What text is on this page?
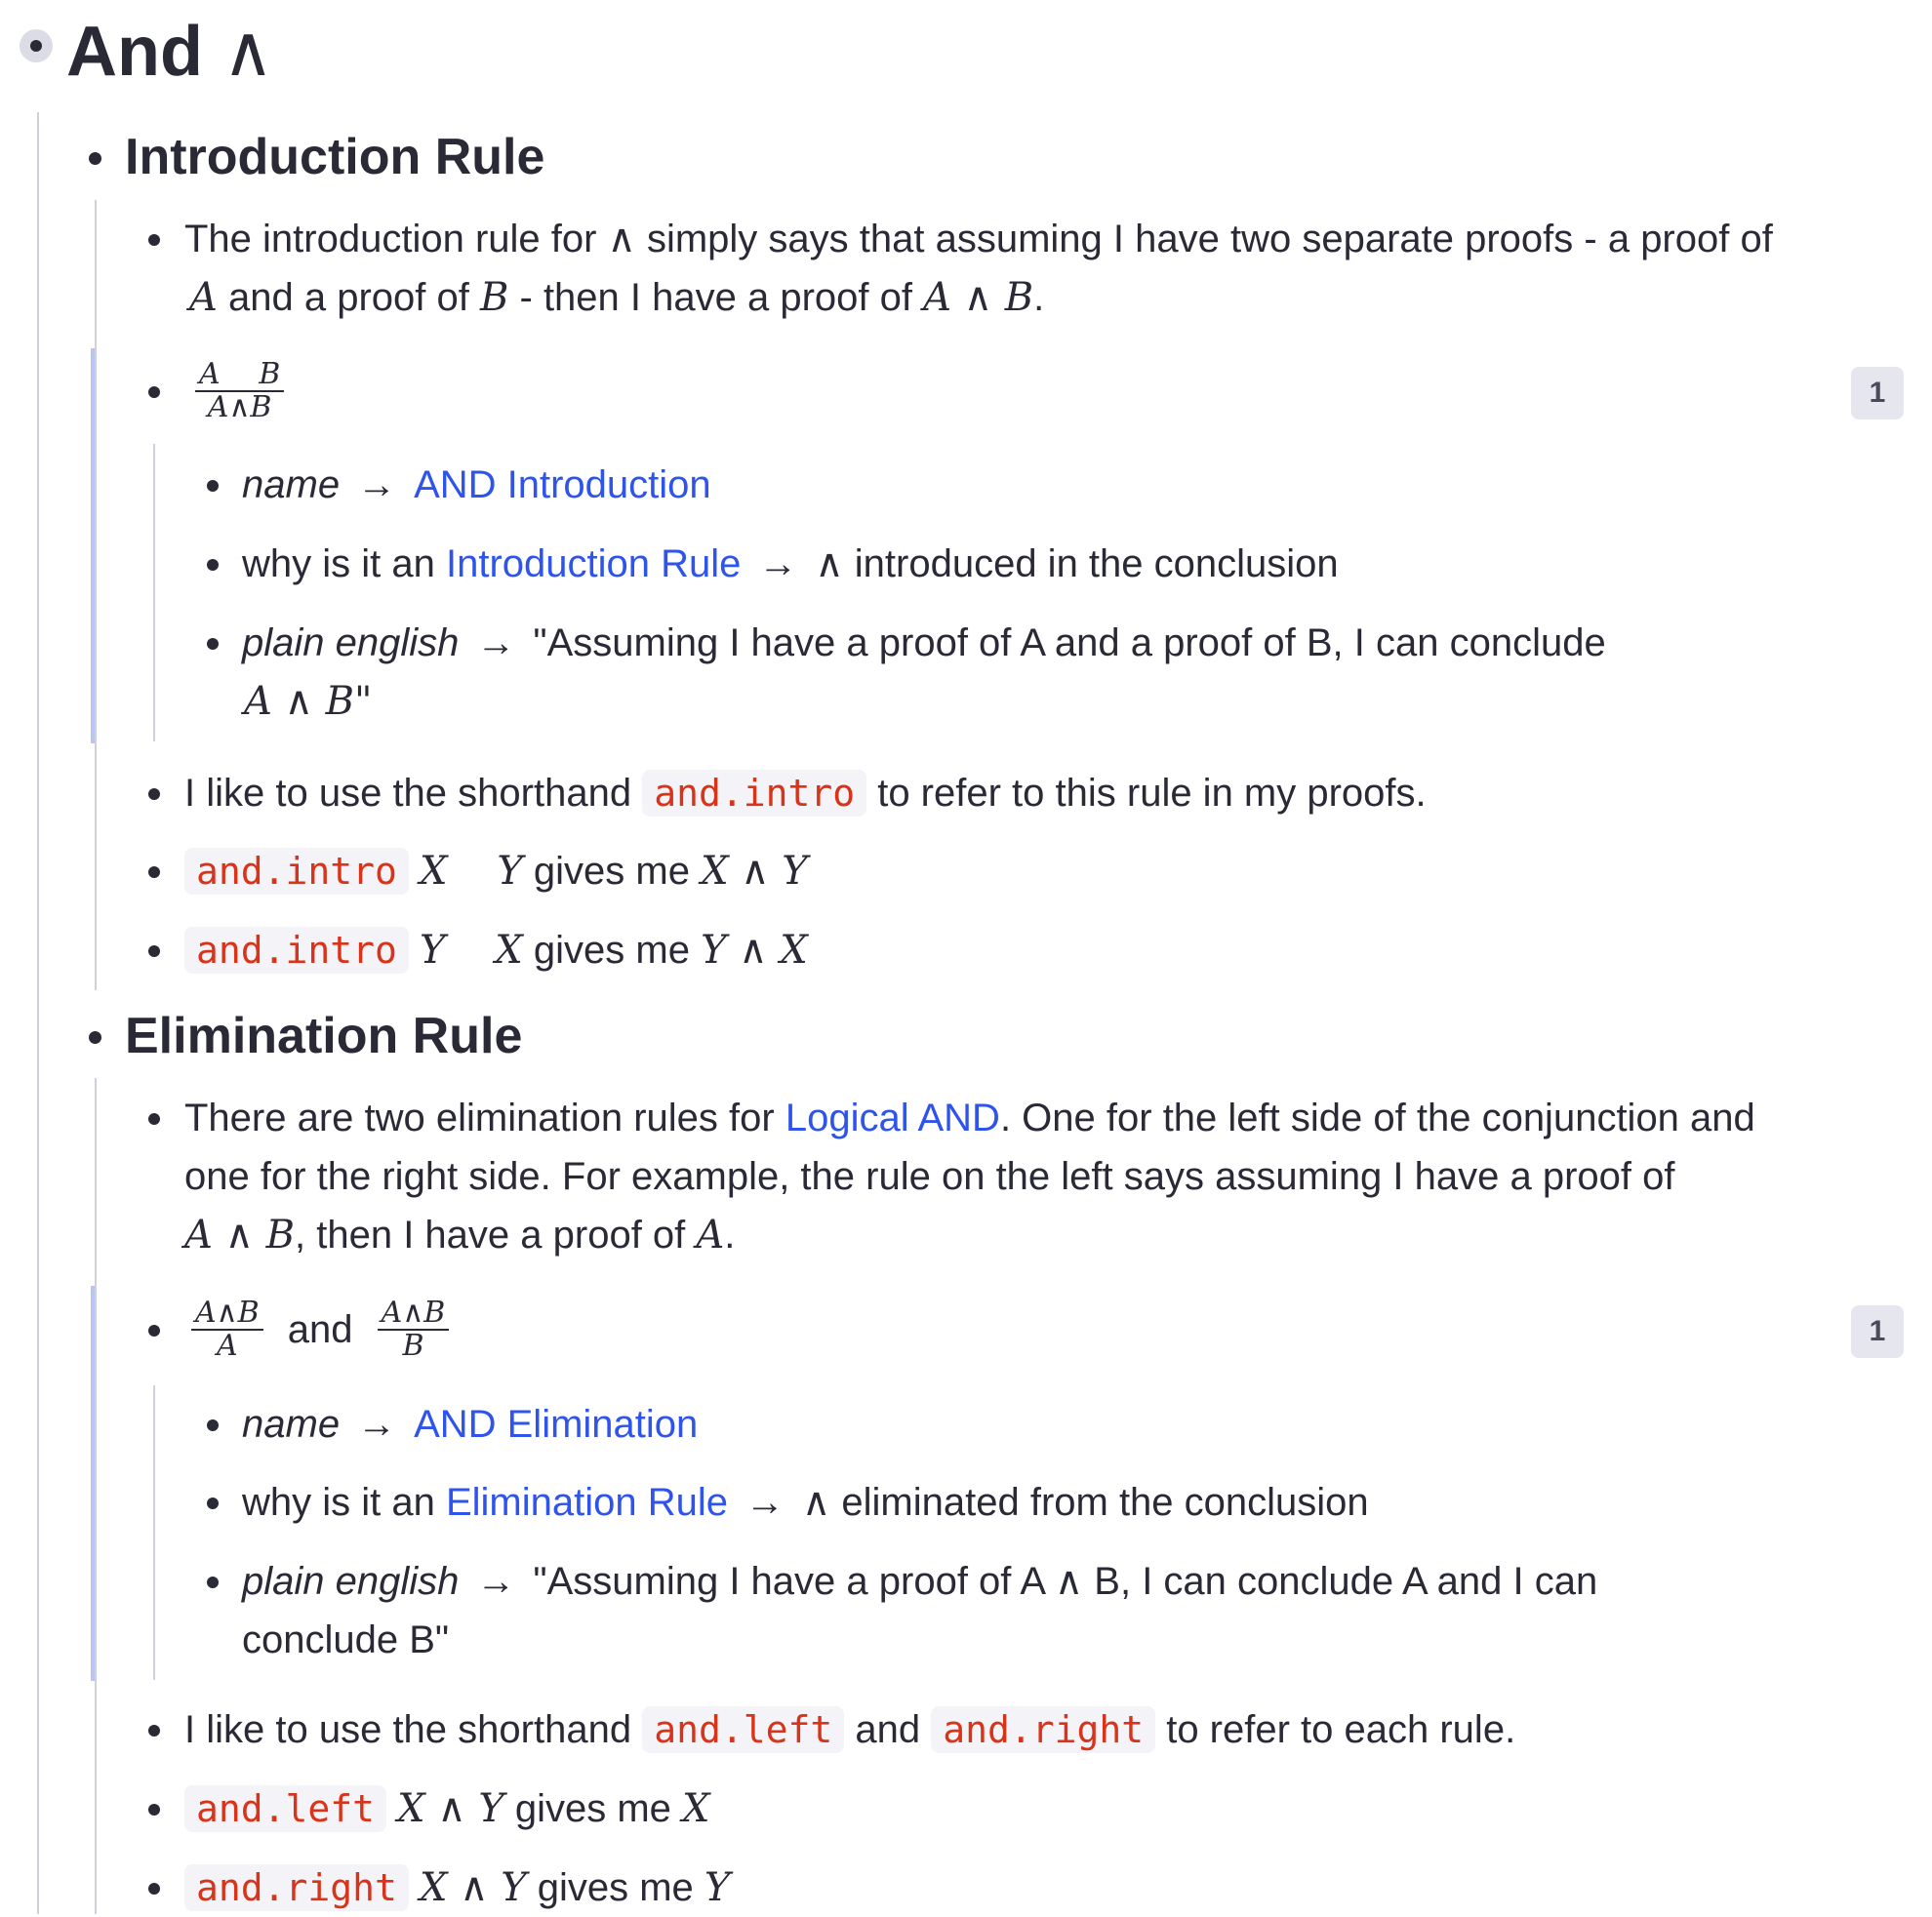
And ∧
Introduction Rule
The introduction rule for ∧ simply says that assuming I have two separate proofs - a proof of
A and a proof of B - then I have a proof of A ∧ B.
$\frac{\text{A B}}{A\wedge B}$	1
name → AND Introduction
why is it an Introduction Rule → ∧ introduced in the conclusion
plain english → "Assuming I have a proof of A and a proof of B, I can conclude
A ∧ B"
I like to use the shorthand and.intro to refer to this rule in my proofs.
and.intro X    Y gives me X ∧ Y
and.intro Y    X gives me Y ∧ X
Elimination Rule
There are two elimination rules for Logical AND. One for the left side of the conjunction and
one for the right side. For example, the rule on the left says assuming I have a proof of
A ∧ B, then I have a proof of A.
$\frac{A\wedge B}{A}$ and $\frac{A\wedge B}{B}$	1
name → AND Elimination
why is it an Elimination Rule → ∧ eliminated from the conclusion
plain english → "Assuming I have a proof of A ∧ B, I can conclude A and I can
conclude B"
I like to use the shorthand and.left and and.right to refer to each rule.
and.left X ∧ Y gives me X
and.right X ∧ Y gives me Y
